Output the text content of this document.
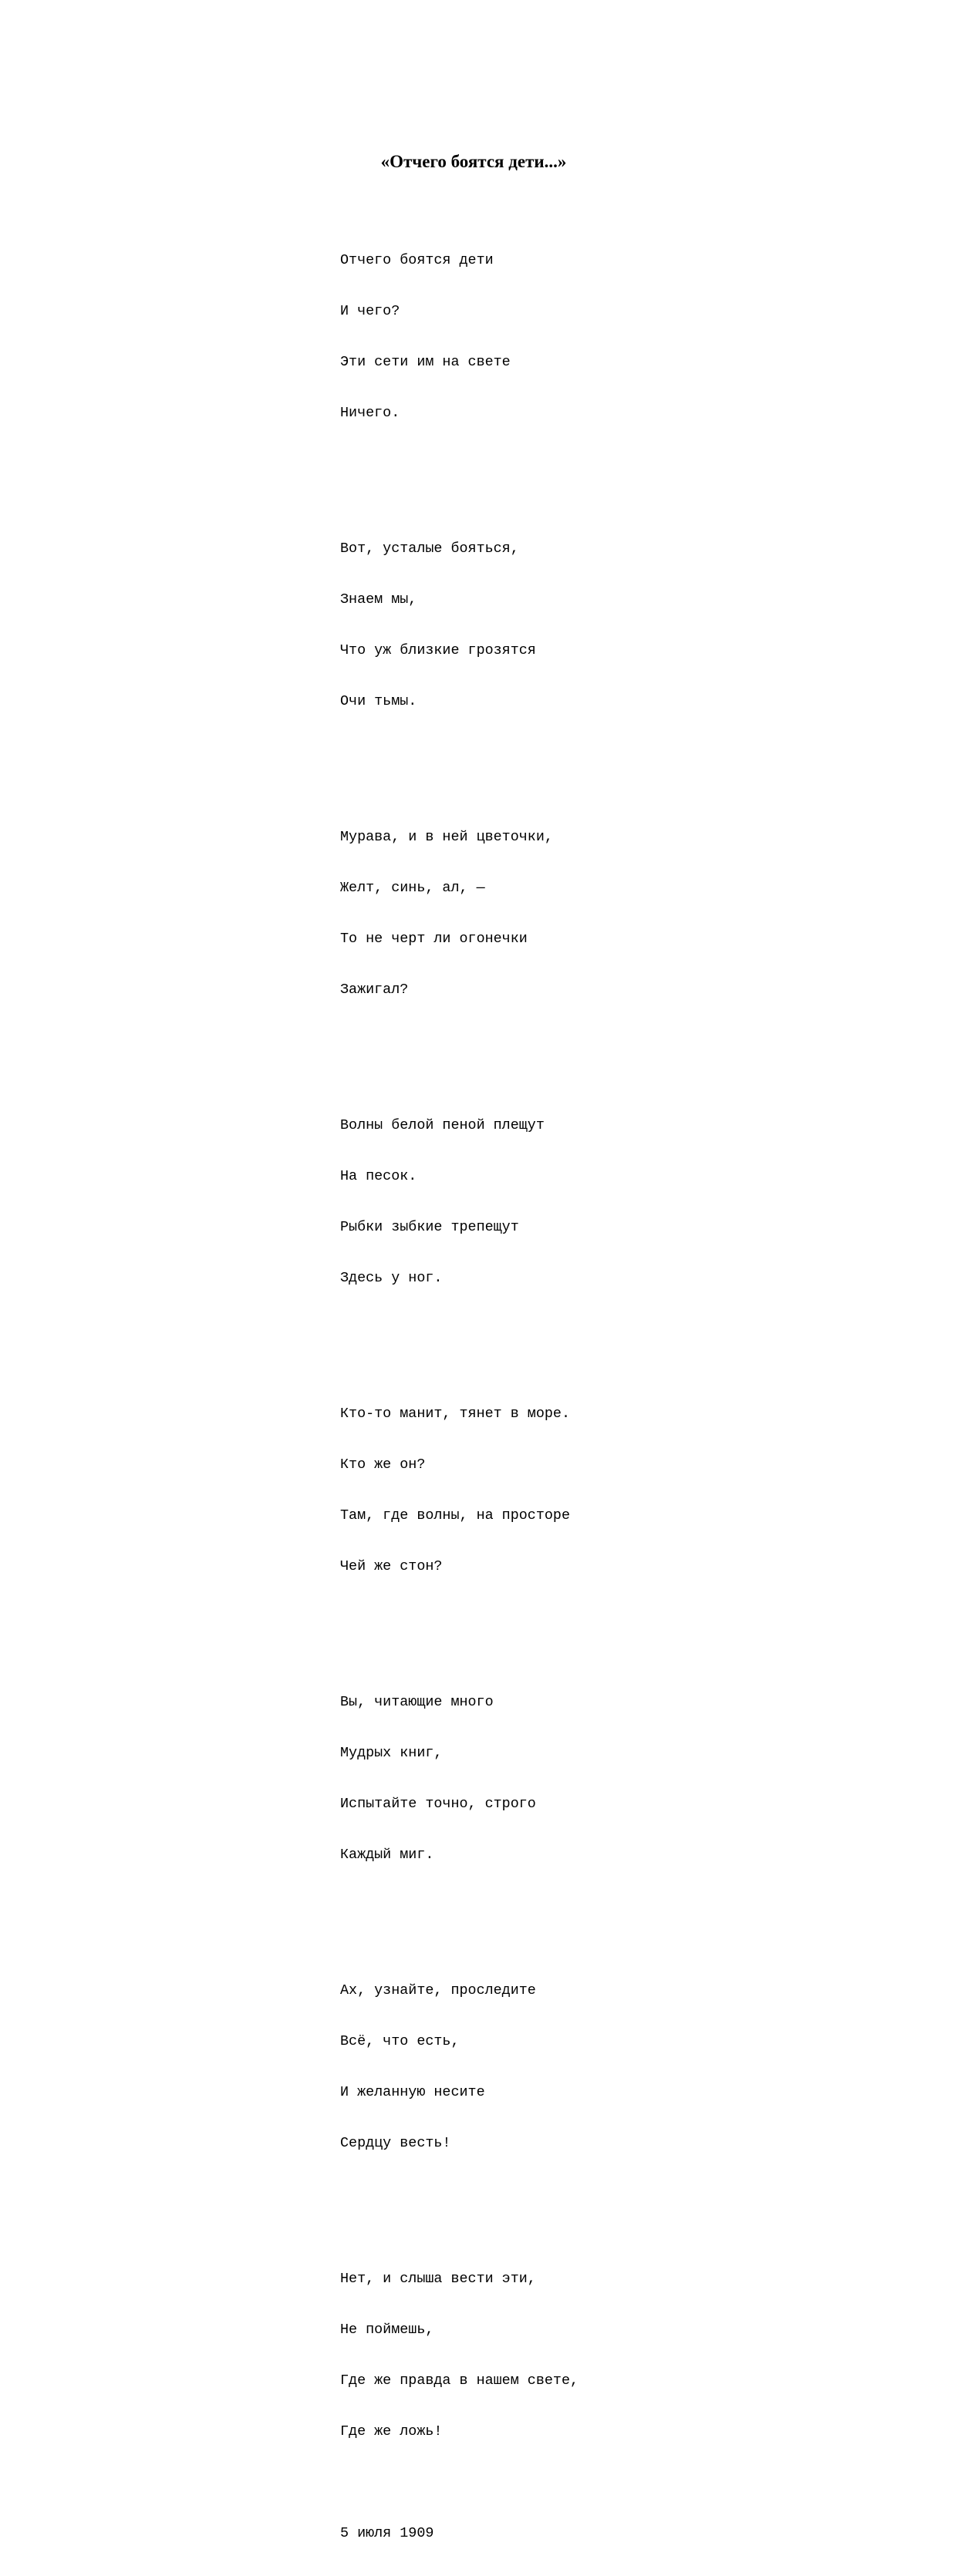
«Отчего боятся дети...»

Отчего боятся дети

И чего?

Эти сети им на свете

Ничего.

Вот, усталые бояться,

Знаем мы,

Что уж близкие грозятся

Очи тьмы.

Мурава, и в ней цветочки,

Желт, синь, ал, —

То не черт ли огонечки

Зажигал?

Волны белой пеной плещут

На песок.

Рыбки зыбкие трепещут

Здесь у ног.

Кто-то манит, тянет в море.

Кто же он?

Там, где волны, на просторе

Чей же стон?

Вы, читающие много

Мудрых книг,

Испытайте точно, строго

Каждый миг.

Ах, узнайте, проследите

Всё, что есть,

И желанную несите

Сердцу весть!

Нет, и слыша вести эти,

Не поймешь,

Где же правда в нашем свете,

Где же ложь!

5 июля 1909
